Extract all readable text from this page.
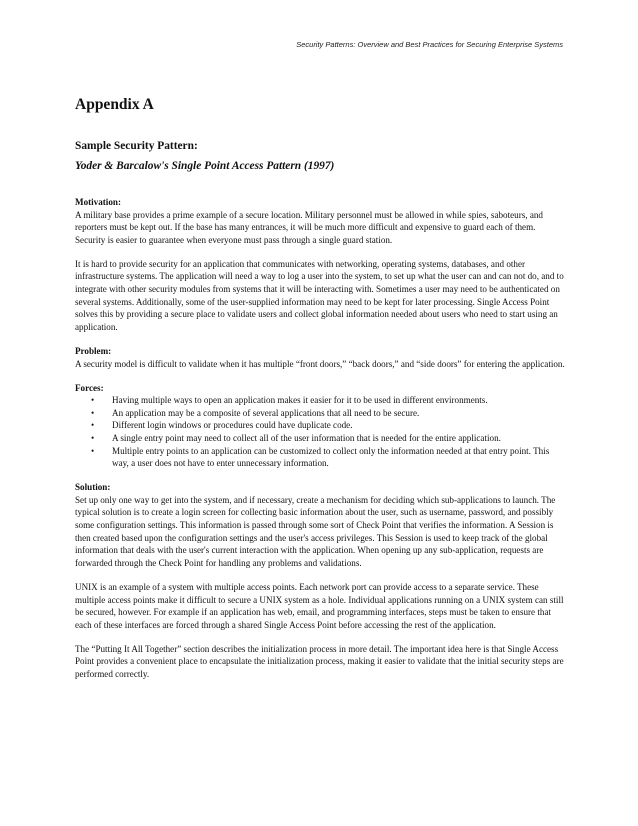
Security Patterns: Overview and Best Practices for Securing Enterprise Systems
Appendix A
Sample Security Pattern:
Yoder & Barcalow's Single Point Access Pattern (1997)
Motivation:

A military base provides a prime example of a secure location. Military personnel must be allowed in while spies, saboteurs, and reporters must be kept out. If the base has many entrances, it will be much more difficult and expensive to guard each of them. Security is easier to guarantee when everyone must pass through a single guard station.

It is hard to provide security for an application that communicates with networking, operating systems, databases, and other infrastructure systems. The application will need a way to log a user into the system, to set up what the user can and can not do, and to integrate with other security modules from systems that it will be interacting with. Sometimes a user may need to be authenticated on several systems. Additionally, some of the user-supplied information may need to be kept for later processing. Single Access Point solves this by providing a secure place to validate users and collect global information needed about users who need to start using an application.

Problem:

A security model is difficult to validate when it has multiple “front doors,” “back doors,” and “side doors” for entering the application.

Forces:
• Having multiple ways to open an application makes it easier for it to be used in different environments.
• An application may be a composite of several applications that all need to be secure.
• Different login windows or procedures could have duplicate code.
• A single entry point may need to collect all of the user information that is needed for the entire application.
• Multiple entry points to an application can be customized to collect only the information needed at that entry point. This way, a user does not have to enter unnecessary information.
Solution:

Set up only one way to get into the system, and if necessary, create a mechanism for deciding which sub-applications to launch. The typical solution is to create a login screen for collecting basic information about the user, such as username, password, and possibly some configuration settings. This information is passed through some sort of Check Point that verifies the information. A Session is then created based upon the configuration settings and the user's access privileges. This Session is used to keep track of the global information that deals with the user's current interaction with the application. When opening up any sub-application, requests are forwarded through the Check Point for handling any problems and validations.

UNIX is an example of a system with multiple access points. Each network port can provide access to a separate service. These multiple access points make it difficult to secure a UNIX system as a hole. Individual applications running on a UNIX system can still be secured, however. For example if an application has web, email, and programming interfaces, steps must be taken to ensure that each of these interfaces are forced through a shared Single Access Point before accessing the rest of the application.

The “Putting It All Together” section describes the initialization process in more detail. The important idea here is that Single Access Point provides a convenient place to encapsulate the initialization process, making it easier to validate that the initial security steps are performed correctly.
